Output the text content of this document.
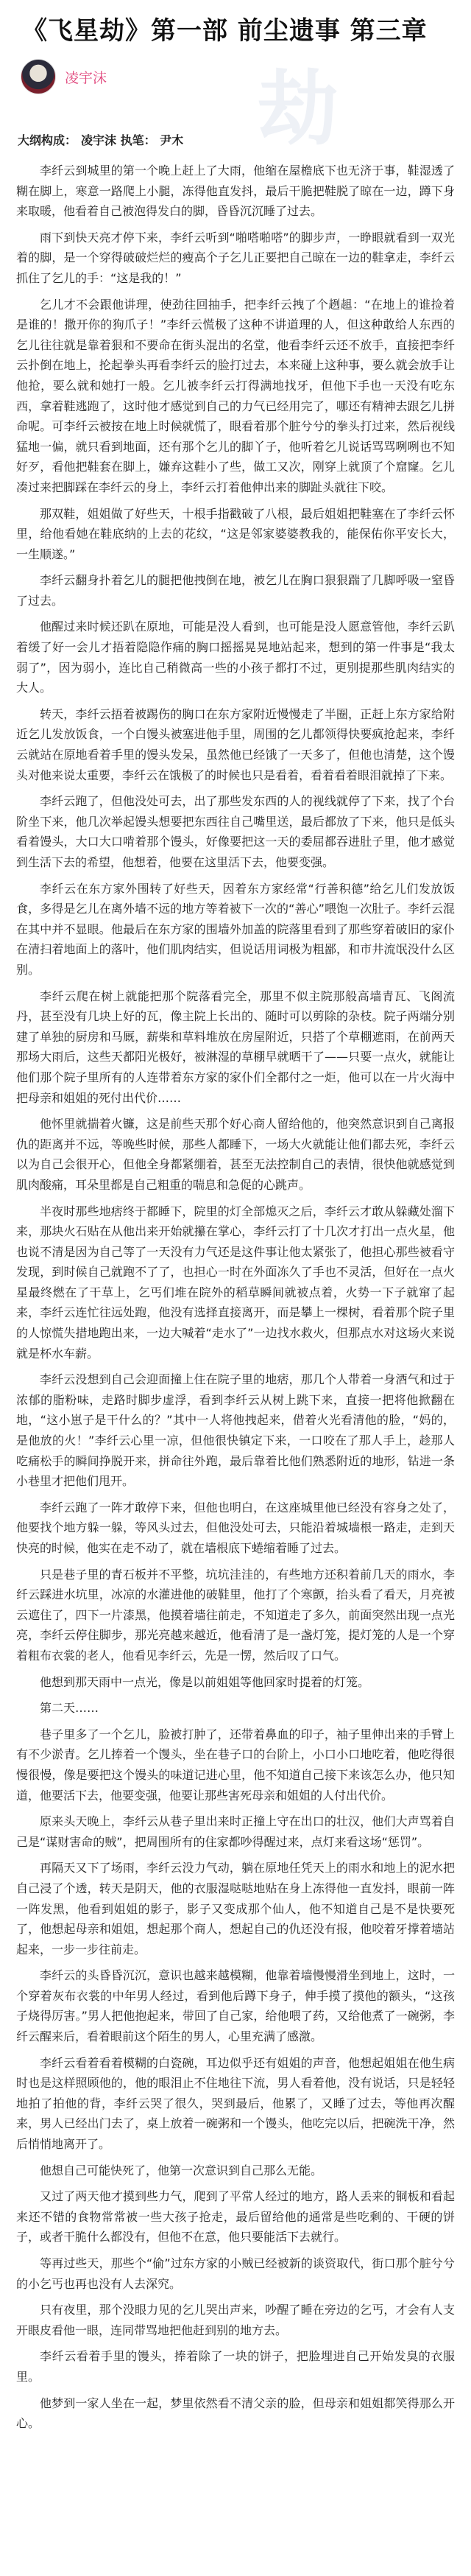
劫
《飞星劫》第一部 前尘遗事 第三章
凌宇沫
大纲构成： 凌宇沫 执笔： 尹木

李纤云到城里的第一个晚上赶上了大雨，他缩在屋檐底下也无济于事，鞋湿透了糊在脚上，寒意一路爬上小腿，冻得他直发抖，最后干脆把鞋脱了晾在一边，蹲下身来取暖，他看着自己被泡得发白的脚，昏昏沉沉睡了过去。

雨下到快天亮才停下来，李纤云听到“啪嗒啪嗒”的脚步声，一睁眼就看到一双光着的脚，是一个穿得破破烂烂的瘦高个子乞儿正要把自己晾在一边的鞋拿走，李纤云抓住了乞儿的手：“这是我的！”

乞儿才不会跟他讲理，使劲往回抽手，把李纤云拽了个趔趄：“在地上的谁捡着是谁的！撒开你的狗爪子！”李纤云慌极了这种不讲道理的人，但这种敢给人东西的乞儿往往就是靠着狠和不要命在街头混出的名堂，他看李纤云还不放手，直接把李纤云扑倒在地上，抡起拳头再看李纤云的脸打过去，本来碰上这种事，要么就会放手让他抢，要么就和她打一般。乞儿被李纤云打得满地找牙，但他下手也一天没有吃东西，拿着鞋逃跑了，这时他才感觉到自己的力气已经用完了，哪还有精神去跟乞儿拼命呢。可李纤云被按在地上时候就慌了，眼看着那个脏兮兮的拳头打过来，然后视线猛地一偏，就只看到地面，还有那个乞儿的脚丫子，他听着乞儿说话骂骂咧咧也不知好歹，看他把鞋套在脚上，嫌弃这鞋小了些，做工又次，刚穿上就顶了个窟窿。乞儿凑过来把脚踩在李纤云的身上，李纤云打着他伸出来的脚趾头就往下咬。

那双鞋，姐姐做了好些天，十根手指戳破了八根，最后姐姐把鞋塞在了李纤云怀里，给他看她在鞋底纳的上去的花纹，“这是邻家婆婆教我的，能保佑你平安长大，一生顺遂。”

李纤云翻身扑着乞儿的腿把他拽倒在地，被乞儿在胸口狠狠踹了几脚呼吸一窒昏了过去。

他醒过来时候还趴在原地，可能是没人看到，也可能是没人愿意管他，李纤云趴着缓了好一会儿才捂着隐隐作痛的胸口摇摇晃晃地站起来，想到的第一件事是“我太弱了”，因为弱小，连比自己稍微高一些的小孩子都打不过，更别提那些肌肉结实的大人。

转天，李纤云捂着被踢伤的胸口在东方家附近慢慢走了半圈，正赶上东方家给附近乞儿发放饭食，一个白馒头被塞进他手里，周围的乞儿都领得快要疯抢起来，李纤云就站在原地看着手里的馒头发呆，虽然他已经饿了一天多了，但他也清楚，这个馒头对他来说太重要，李纤云在饿极了的时候也只是看着，看着看着眼泪就掉了下来。

李纤云跑了，但他没处可去，出了那些发东西的人的视线就停了下来，找了个台阶坐下来，他几次举起馒头想要把东西往自己嘴里送，最后都放了下来，他只是低头看着馒头，大口大口啃着那个馒头，好像要把这一天的委屈都吞进肚子里，他才感觉到生活下去的希望，他想着，他要在这里活下去，他要变强。

李纤云在东方家外围转了好些天，因着东方家经常“行善积德”给乞儿们发放饭食，多得是乞儿在离外墙不远的地方等着被下一次的“善心”喂饱一次肚子。李纤云混在其中并不显眼。他最后在东方家的围墙外加盖的院落里看到了那些穿着破旧的家仆在清扫着地面上的落叶，他们肌肉结实，但说话用词极为粗鄙，和市井流氓没什么区别。

李纤云爬在树上就能把那个院落看完全，那里不似主院那般高墙青瓦、飞阁流丹，甚至没有几块上好的瓦，像主院上长出的、随时可以剪除的杂枝。院子两端分别建了单独的厨房和马厩，薪柴和草料堆放在房屋附近，只搭了个草棚遮雨，在前两天那场大雨后，这些天都阳光极好，被淋湿的草棚早就晒干了——只要一点火，就能让他们那个院子里所有的人连带着东方家的家仆们全都付之一炬，他可以在一片火海中把母亲和姐姐的死付出代价……

他怀里就揣着火镰，这是前些天那个好心商人留给他的，他突然意识到自己离报仇的距离并不远，等晚些时候，那些人都睡下，一场大火就能让他们都去死，李纤云以为自己会很开心，但他全身都紧绷着，甚至无法控制自己的表情，很快他就感觉到肌肉酸痛，耳朵里都是自己粗重的喘息和急促的心跳声。

半夜时那些地痞终于都睡下，院里的灯全部熄灭之后，李纤云才敢从躲藏处溜下来，那块火石贴在从他出来开始就攥在掌心，李纤云打了十几次才打出一点火星，他也说不清是因为自己等了一天没有力气还是这件事让他太紧张了，他担心那些被看守发现，到时候自己就跑不了了，也担心一时在外面冻久了手也不灵活，但好在一点火星最终燃在了干草上，乞丐们堆在院外的稻草瞬间就被点着，火势一下子就窜了起来，李纤云连忙往远处跑，他没有选择直接离开，而是攀上一棵树，看着那个院子里的人惊慌失措地跑出来，一边大喊着“走水了”一边找水救火，但那点水对这场火来说就是杯水车薪。

李纤云没想到自己会迎面撞上住在院子里的地痞，那几个人带着一身酒气和过于浓郁的脂粉味，走路时脚步虚浮，看到李纤云从树上跳下来，直接一把将他掀翻在地，“这小崽子是干什么的？”其中一人将他拽起来，借着火光看清他的脸，“妈的，是他放的火！”李纤云心里一凉，但他很快镇定下来，一口咬在了那人手上，趁那人吃痛松手的瞬间挣脱开来，拼命往外跑，最后靠着比他们熟悉附近的地形，钻进一条小巷里才把他们甩开。

李纤云跑了一阵才敢停下来，但他也明白，在这座城里他已经没有容身之处了，他要找个地方躲一躲，等风头过去，但他没处可去，只能沿着城墙根一路走，走到天快亮的时候，他实在走不动了，就在墙根底下蜷缩着睡了过去。

只是巷子里的青石板并不平整，坑坑洼洼的，有些地方还积着前几天的雨水，李纤云踩进水坑里，冰凉的水灌进他的破鞋里，他打了个寒颤，抬头看了看天，月亮被云遮住了，四下一片漆黑，他摸着墙往前走，不知道走了多久，前面突然出现一点光亮，李纤云停住脚步，那光亮越来越近，他看清了是一盏灯笼，提灯笼的人是一个穿着粗布衣裳的老人，他看见李纤云，先是一愣，然后叹了口气。

他想到那天雨中一点光，像是以前姐姐等他回家时提着的灯笼。

第二天……

巷子里多了一个乞儿，脸被打肿了，还带着鼻血的印子，袖子里伸出来的手臂上有不少淤青。乞儿捧着一个馒头，坐在巷子口的台阶上，小口小口地吃着，他吃得很慢很慢，像是要把这个馒头的味道记进心里，他不知道自己接下来该怎么办，他只知道，他要活下去，他要变强，他要让那些害死母亲和姐姐的人付出代价。

原来头天晚上，李纤云从巷子里出来时正撞上守在出口的壮汉，他们大声骂着自己是“谋财害命的贼”，把周围所有的住家都吵得醒过来，点灯来看这场“惩罚”。

再隔天又下了场雨，李纤云没力气动，躺在原地任凭天上的雨水和地上的泥水把自己浸了个透，转天是阴天，他的衣服湿哒哒地贴在身上冻得他一直发抖，眼前一阵一阵发黑，他看到姐姐的影子，影子又变成那个仙人，他不知道自己是不是快要死了，他想起母亲和姐姐，想起那个商人，想起自己的仇还没有报，他咬着牙撑着墙站起来，一步一步往前走。

李纤云的头昏昏沉沉，意识也越来越模糊，他靠着墙慢慢滑坐到地上，这时，一个穿着灰布衣裳的中年男人经过，看到他后蹲下身子，伸手摸了摸他的额头，“这孩子烧得厉害。”男人把他抱起来，带回了自己家，给他喂了药，又给他煮了一碗粥，李纤云醒来后，看着眼前这个陌生的男人，心里充满了感激。

李纤云看着看着模糊的白瓷碗，耳边似乎还有姐姐的声音，他想起姐姐在他生病时也是这样照顾他的，他的眼泪止不住地往下流，男人看着他，没有说话，只是轻轻地拍了拍他的背，李纤云哭了很久，哭到最后，他累了，又睡了过去，等他再次醒来，男人已经出门去了，桌上放着一碗粥和一个馒头，他吃完以后，把碗洗干净，然后悄悄地离开了。

他想自己可能快死了，他第一次意识到自己那么无能。

又过了两天他才摸到些力气，爬到了平常人经过的地方，路人丢来的铜板和看起来还不错的食物常常被一些大孩子抢走，最后留给他的通常是些吃剩的、干硬的饼子，或者干脆什么都没有，但他不在意，他只要能活下去就行。

等再过些天，那些个“偷”过东方家的小贼已经被新的谈资取代，街口那个脏兮兮的小乞丐也再也没有人去深究。

只有夜里，那个没眼力见的乞儿哭出声来，吵醒了睡在旁边的乞丐，才会有人支开眼皮看他一眼，连同带骂地把他赶到别的地方去。

李纤云看着手里的馒头，捧着除了一块的饼子，把脸埋进自己开始发臭的衣服里。

他梦到一家人坐在一起，梦里依然看不清父亲的脸，但母亲和姐姐都笑得那么开心。
